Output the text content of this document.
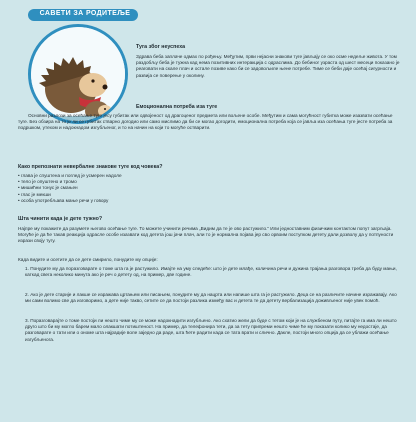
САВЕТИ ЗА РОДИТЕЉЕ
Туга због неуспеха
Здрава беба заплаче одмах по рођењу. Међутим, први нејасни знакови туге јављају се око осме недеље живота. У том раздобљу беба је тужна кад нема позитивних интеракција с одраслима. До бебиног узраста од шест месеци показано је реаговати на скале плач и остале позиве како би се задовољиле њене потребе. Тиме се беби даје осећај сигурности и развија се поверење у околину.
Емоционална потреба иза туге
Основни разлози за осећање туге јесу губитак или одвојеност од драгоценог предмета или вољене особе. Међутим и сама могућност губитка може изазвати осећање туге. Без обзира на то је ли се губитак стварно догодио или само мислимо да би се могао догодити, емоционална потреба која се јавља иза осећања туге јесте потреба за подршком, утехом и надокнадом изгубљеног, и то на начин на који то могуће остварити.
Како препознати невербалне знакове туге код човека?
• глава је спуштена и поглед је усмерен надоле
• тело је опуштено и тромо
• мишићни тонус је смањен
• глас је мекши
• особа употребљава мање речи у говору
Шта чинити када је дете тужно?
Најпре му покажите да разумете његово осећање туге. То можете учинити речима „Видим да те је ово растужило.“ Или једноставним физичким контактом попут загрљаја. Могуће је да ће такав реакција одрасле особе изазвати код детета још јачи плач, али то је нормална појава јер сво орвоим поступком детету дали дозволу да у потпуности изрази своју тугу.
Када видите и осетите да се дете смирило, понудите му опције:
1. Понудите му да поразговарате о томе шта га је растужило. Имајте на уму следеће: што је дете млађе, количина речи и дужина трајања разговора треба да буду мањи, каткад свега неколико минута ако је реч о детету од, на пример, две године.
2. Ако је дете старије и лакше се изражава цртањем или писањем, понудите му да нацрта или напише шта га је растужило. Деца се на различите начине изражавају. Ако ми сами волимо све да изговоримо, а дете није такво, сетите се да постоји разлика између вас и детета те да детету вербализација доживљеног није увек помоћ.
3. Поразговарајте о томе постоји ли нешто чиме му се може надокнадити изгубљено. Ако схатио жели да буде с тетом који је на службеном путу, питајте га има ли нешто друго што би му могло барем мало олакшати потиштеност. На пример, да телефонира тети, да за тету припреми нешто чиме ће му показати колико му недостаје, да разговарате о тати или о ономе шта најрадије воле заједно да раде, шта ћете радити када се тата врати и слично. Дакле, постоји много опција да се ублажи осећање изгубљенога.
